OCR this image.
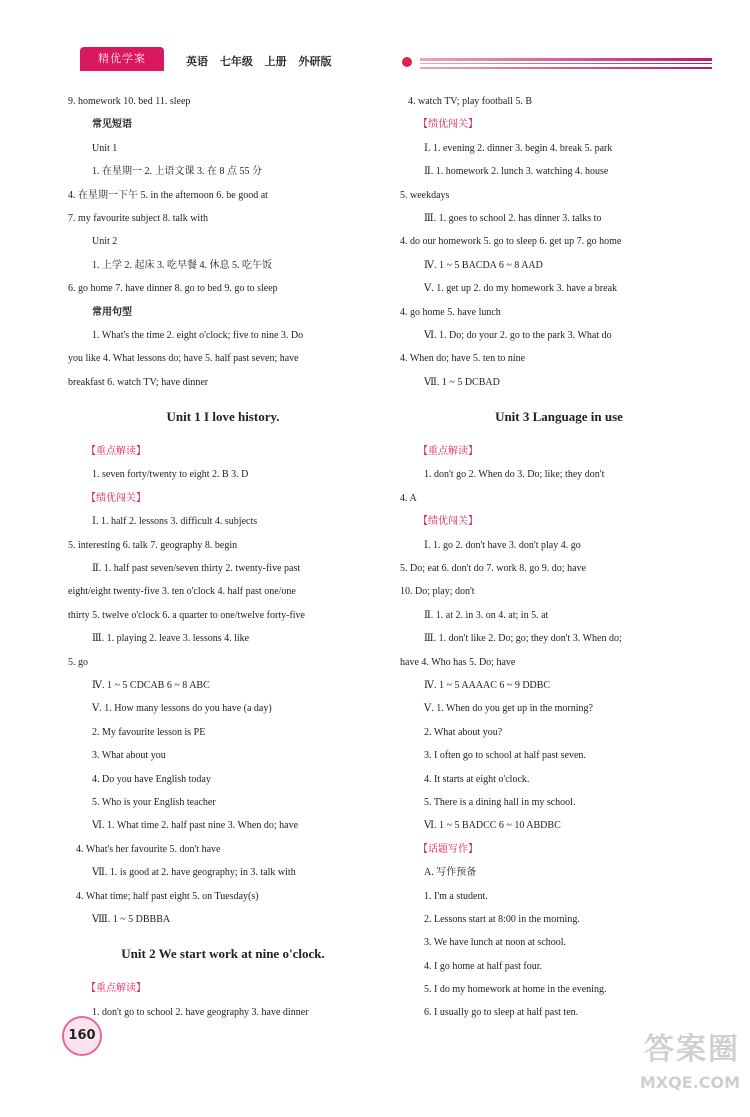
精优学案	英语 七年级 上册 外研版
9. homework 10. bed 11. sleep
常见短语
Unit 1
1. 在星期一 2. 上语文课 3. 在 8 点 55 分
4. 在星期一下午 5. in the afternoon 6. be good at
7. my favourite subject 8. talk with
Unit 2
1. 上学 2. 起床 3. 吃早餐 4. 休息 5. 吃午饭
6. go home 7. have dinner 8. go to bed 9. go to sleep
常用句型
1. What's the time 2. eight o'clock; five to nine 3. Do
you like 4. What lessons do; have 5. half past seven; have
breakfast 6. watch TV; have dinner
Unit 1 I love history.
【重点解读】
1. seven forty/twenty to eight 2. B 3. D
【绩优闯关】
Ⅰ. 1. half 2. lessons 3. difficult 4. subjects
5. interesting 6. talk 7. geography 8. begin
Ⅱ. 1. half past seven/seven thirty 2. twenty-five past
eight/eight twenty-five 3. ten o'clock 4. half past one/one
thirty 5. twelve o'clock 6. a quarter to one/twelve forty-five
Ⅲ. 1. playing 2. leave 3. lessons 4. like
5. go
Ⅳ. 1 ~ 5 CDCAB 6 ~ 8 ABC
Ⅴ. 1. How many lessons do you have (a day)
2. My favourite lesson is PE
3. What about you
4. Do you have English today
5. Who is your English teacher
Ⅵ. 1. What time 2. half past nine 3. When do; have
4. What's her favourite 5. don't have
Ⅶ. 1. is good at 2. have geography; in 3. talk with
4. What time; half past eight 5. on Tuesday(s)
Ⅷ. 1 ~ 5 DBBBA
Unit 2 We start work at nine o'clock.
【重点解读】
1. don't go to school 2. have geography 3. have dinner
4. watch TV; play football 5. B
【绩优闯关】
Ⅰ. 1. evening 2. dinner 3. begin 4. break 5. park
Ⅱ. 1. homework 2. lunch 3. watching 4. house
5. weekdays
Ⅲ. 1. goes to school 2. has dinner 3. talks to
4. do our homework 5. go to sleep 6. get up 7. go home
Ⅳ. 1 ~ 5 BACDA 6 ~ 8 AAD
Ⅴ. 1. get up 2. do my homework 3. have a break
4. go home 5. have lunch
Ⅵ. 1. Do; do your 2. go to the park 3. What do
4. When do; have 5. ten to nine
Ⅶ. 1 ~ 5 DCBAD
Unit 3 Language in use
【重点解读】
1. don't go 2. When do 3. Do; like; they don't
4. A
【绩优闯关】
Ⅰ. 1. go 2. don't have 3. don't play 4. go
5. Do; eat 6. don't do 7. work 8. go 9. do; have
10. Do; play; don't
Ⅱ. 1. at 2. in 3. on 4. at; in 5. at
Ⅲ. 1. don't like 2. Do; go; they don't 3. When do;
have 4. Who has 5. Do; have
Ⅳ. 1 ~ 5 AAAAC 6 ~ 9 DDBC
Ⅴ. 1. When do you get up in the morning?
2. What about you?
3. I often go to school at half past seven.
4. It starts at eight o'clock.
5. There is a dining hall in my school.
Ⅵ. 1 ~ 5 BADCC 6 ~ 10 ABDBC
【话题写作】
A. 写作预备
1. I'm a student.
2. Lessons start at 8:00 in the morning.
3. We have lunch at noon at school.
4. I go home at half past four.
5. I do my homework at home in the evening.
6. I usually go to sleep at half past ten.
160	答案圈
MXQE.COM
